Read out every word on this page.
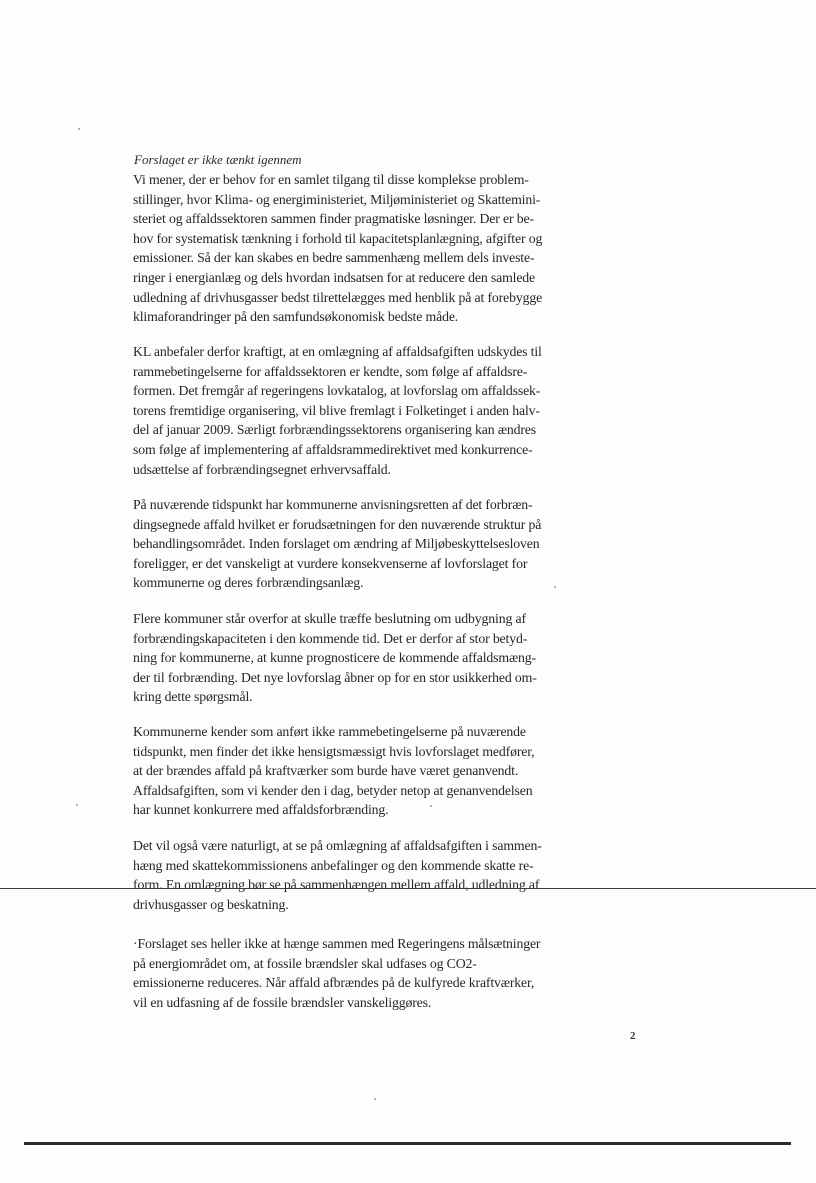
Forslaget er ikke tænkt igennem
Vi mener, der er behov for en samlet tilgang til disse komplekse problem-
stillinger, hvor Klima- og energiministeriet, Miljøministeriet og Skattemini-
steriet og affaldssektoren sammen finder pragmatiske løsninger. Der er be-
hov for systematisk tænkning i forhold til kapacitetsplanlægning, afgifter og
emissioner. Så der kan skabes en bedre sammenhæng mellem dels investe-
ringer i energianlæg og dels hvordan indsatsen for at reducere den samlede
udledning af drivhusgasser bedst tilrettelægges med henblik på at forebygge
klimaforandringer på den samfundsøkonomisk bedste måde.
KL anbefaler derfor kraftigt, at en omlægning af affaldsafgiften udskydes til
rammebetingelserne for affaldssektoren er kendte, som følge af affaldsre-
formen. Det fremgår af regeringens lovkatalog, at lovforslag om affaldssek-
torens fremtidige organisering, vil blive fremlagt i Folketinget i anden halv-
del af januar 2009. Særligt forbrændingssektorens organisering kan ændres
som følge af implementering af affaldsrammedirektivet med konkurrence-
udsættelse af forbrændingsegnet erhvervsaffald.
På nuværende tidspunkt har kommunerne anvisningsretten af det forbræn-
dingsegnede affald hvilket er forudsætningen for den nuværende struktur på
behandlingsområdet. Inden forslaget om ændring af Miljøbeskyttelsesloven
foreligger, er det vanskeligt at vurdere konsekvenserne af lovforslaget for
kommunerne og deres forbrændingsanlæg.
Flere kommuner står overfor at skulle træffe beslutning om udbygning af
forbrændingskapaciteten i den kommende tid. Det er derfor af stor betyd-
ning for kommunerne, at kunne prognosticere de kommende affaldsmæng-
der til forbrænding. Det nye lovforslag åbner op for en stor usikkerhed om-
kring dette spørgsmål.
Kommunerne kender som anført ikke rammebetingelserne på nuværende
tidspunkt, men finder det ikke hensigtsmæssigt hvis lovforslaget medfører,
at der brændes affald på kraftværker som burde have været genanvendt.
Affaldsafgiften, som vi kender den i dag, betyder netop at genanvendelsen
har kunnet konkurrere med affaldsforbrænding.
Det vil også være naturligt, at se på omlægning af affaldsafgiften i sammen-
hæng med skattekommissionens anbefalinger og den kommende skatte re-
form. En omlægning bør se på sammenhængen mellem affald, udledning af
drivhusgasser og beskatning.
·Forslaget ses heller ikke at hænge sammen med Regeringens målsætninger
på energiområdet om, at fossile brændsler skal udfases og CO2-
emissionerne reduceres. Når affald afbrændes på de kulfyrede kraftværker,
vil en udfasning af de fossile brændsler vanskeliggøres.
2
